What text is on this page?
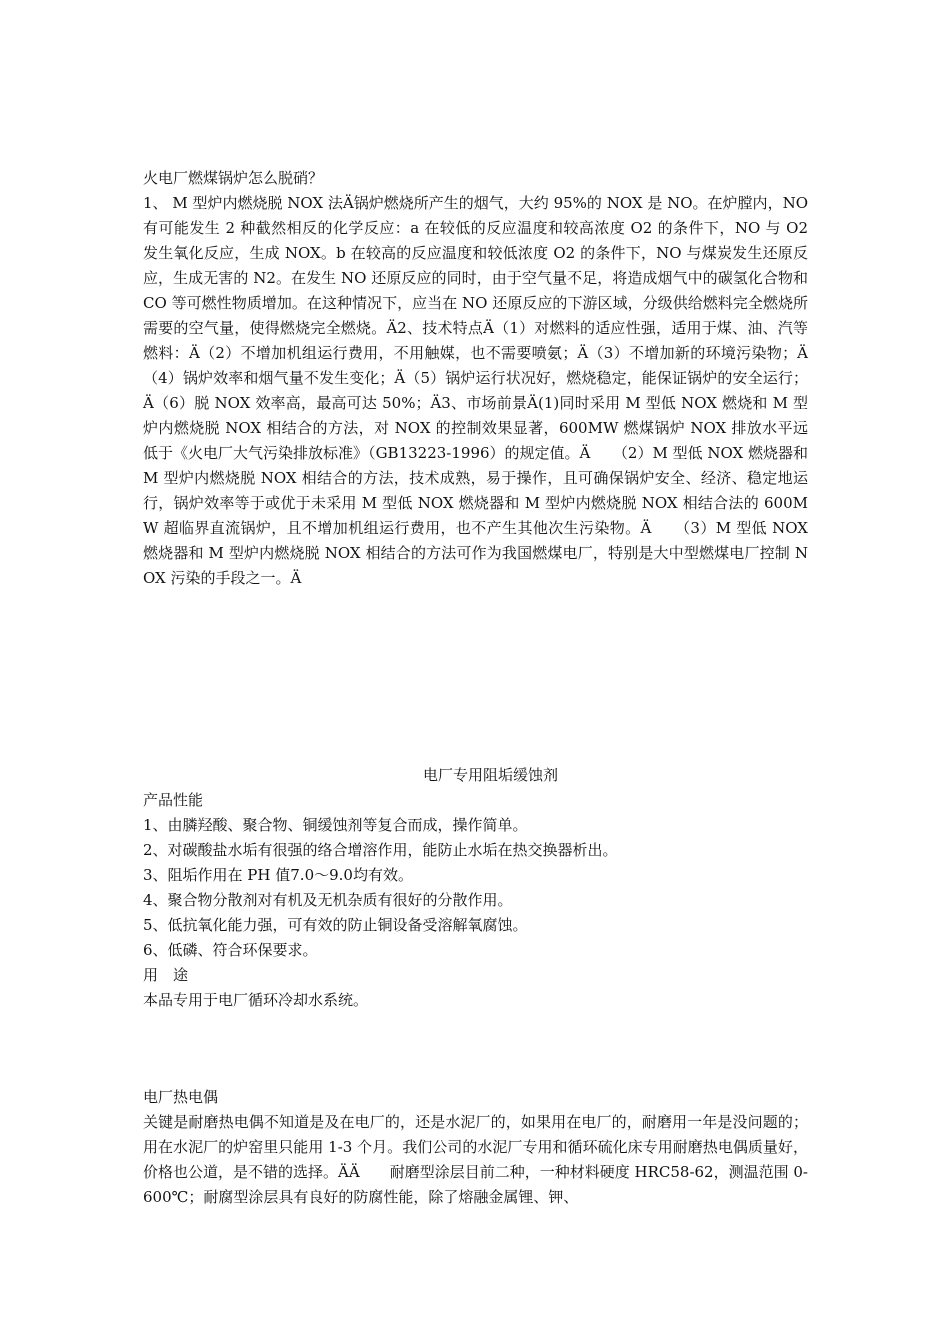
火电厂燃煤锅炉怎么脱硝？

1、 M 型炉内燃烧脱 NOX 法Ä锅炉燃烧所产生的烟气，大约 95%的 NOX 是 NO。在炉膛内，NO 有可能发生 2 种截然相反的化学反应：a 在较低的反应温度和较高浓度 O2 的条件下，NO 与 O2 发生氧化反应，生成 NOX。b 在较高的反应温度和较低浓度 O2 的条件下，NO 与煤炭发生还原反应，生成无害的 N2。在发生 NO 还原反应的同时，由于空气量不足，将造成烟气中的碳氢化合物和 CO 等可燃性物质增加。在这种情况下，应当在 NO 还原反应的下游区域，分级供给燃料完全燃烧所需要的空气量，使得燃烧完全燃烧。Ä2、技术特点Ä（1）对燃料的适应性强，适用于煤、油、汽等燃料：Ä（2）不增加机组运行费用，不用触媒，也不需要喷氨；Ä（3）不增加新的环境污染物；Ä（4）锅炉效率和烟气量不发生变化；Ä（5）锅炉运行状况好，燃烧稳定，能保证锅炉的安全运行；Ä（6）脱 NOX 效率高，最高可达 50%；Ä3、市场前景Ä(1)同时采用 M 型低 NOX 燃烧和 M 型炉内燃烧脱 NOX 相结合的方法，对 NOX 的控制效果显著，600MW 燃煤锅炉 NOX 排放水平远低于《火电厂大气污染排放标准》（GB13223-1996）的规定值。Ä　　（2）M 型低 NOX 燃烧器和 M 型炉内燃烧脱 NOX 相结合的方法，技术成熟，易于操作，且可确保锅炉安全、经济、稳定地运行，锅炉效率等于或优于未采用 M 型低 NOX 燃烧器和 M 型炉内燃烧脱 NOX 相结合法的 600MW 超临界直流锅炉，且不增加机组运行费用，也不产生其他次生污染物。Ä　　（3）M 型低 NOX 燃烧器和 M 型炉内燃烧脱 NOX 相结合的方法可作为我国燃煤电厂，特别是大中型燃煤电厂控制 NOX 污染的手段之一。Ä

电厂专用阻垢缓蚀剂

产品性能

1、由膦羟酸、聚合物、铜缓蚀剂等复合而成，操作简单。

2、对碳酸盐水垢有很强的络合增溶作用，能防止水垢在热交换器析出。

3、阻垢作用在 PH 值7.0～9.0均有效。

4、聚合物分散剂对有机及无机杂质有很好的分散作用。

5、低抗氧化能力强，可有效的防止铜设备受溶解氧腐蚀。

6、低磷、符合环保要求。

用　途

本品专用于电厂循环冷却水系统。

电厂热电偶

关键是耐磨热电偶不知道是及在电厂的，还是水泥厂的，如果用在电厂的，耐磨用一年是没问题的；用在水泥厂的炉窑里只能用 1-3 个月。我们公司的水泥厂专用和循环硫化床专用耐磨热电偶质量好，价格也公道，是不错的选择。ÄÄ　　耐磨型涂层目前二种，一种材料硬度 HRC58-62，测温范围 0-600℃；耐腐型涂层具有良好的防腐性能，除了熔融金属锂、钾、
